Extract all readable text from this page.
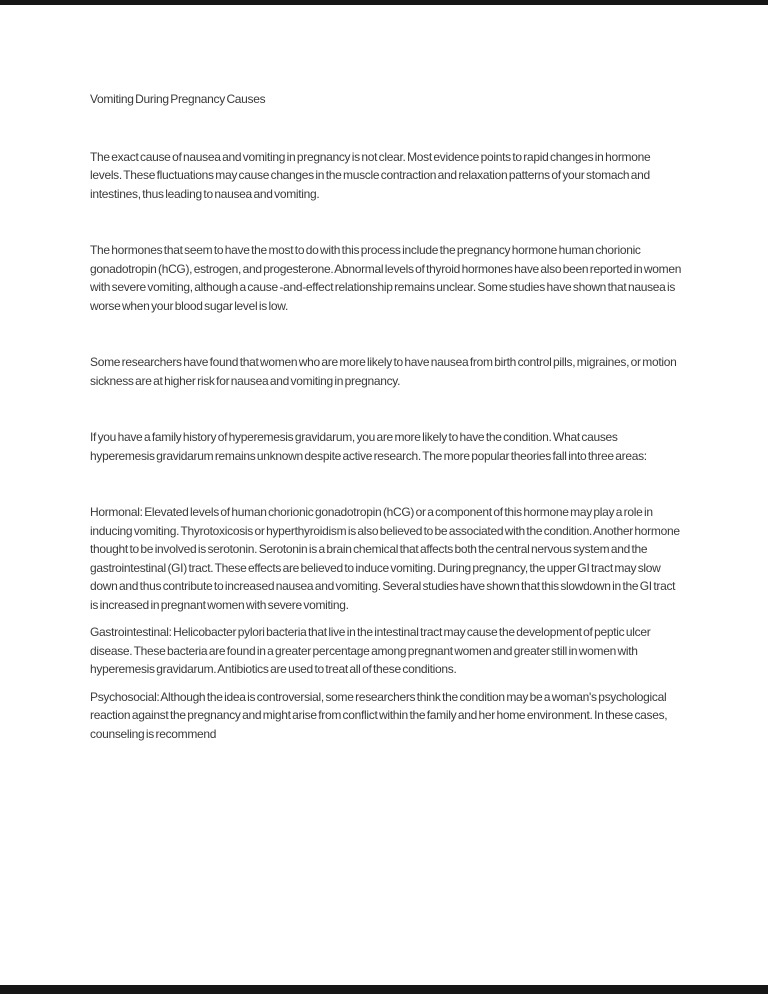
Vomiting During Pregnancy Causes

The exact cause of nausea and vomiting in pregnancy is not clear. Most evidence points to rapid changes in hormone levels. These fluctuations may cause changes in the muscle contraction and relaxation patterns of your stomach and intestines, thus leading to nausea and vomiting.

The hormones that seem to have the most to do with this process include the pregnancy hormone human chorionic gonadotropin (hCG), estrogen, and progesterone. Abnormal levels of thyroid hormones have also been reported in women with severe vomiting, although a cause -and-effect relationship remains unclear. Some studies have shown that nausea is worse when your blood sugar level is low.

Some researchers have found that women who are more likely to have nausea from birth control pills, migraines, or motion sickness are at higher risk for nausea and vomiting in pregnancy.

If you have a family history of hyperemesis gravidarum, you are more likely to have the condition. What causes hyperemesis gravidarum remains unknown despite active research. The more popular theories fall into three areas:

Hormonal: Elevated levels of human chorionic gonadotropin (hCG) or a component of this hormone may play a role in inducing vomiting. Thyrotoxicosis or hyperthyroidism is also believed to be associated with the condition. Another hormone thought to be involved is serotonin. Serotonin is a brain chemical that affects both the central nervous system and the gastrointestinal (GI) tract. These effects are believed to induce vomiting. During pregnancy, the upper GI tract may slow down and thus contribute to increased nausea and vomiting. Several studies have shown that this slowdown in the GI tract is increased in pregnant women with severe vomiting.

Gastrointestinal: Helicobacter pylori bacteria that live in the intestinal tract may cause the development of peptic ulcer disease. These bacteria are found in a greater percentage among pregnant women and greater still in women with hyperemesis gravidarum. Antibiotics are used to treat all of these conditions.

Psychosocial: Although the idea is controversial, some researchers think the condition may be a woman's psychological reaction against the pregnancy and might arise from conflict within the family and her home environment. In these cases, counseling is recommend
